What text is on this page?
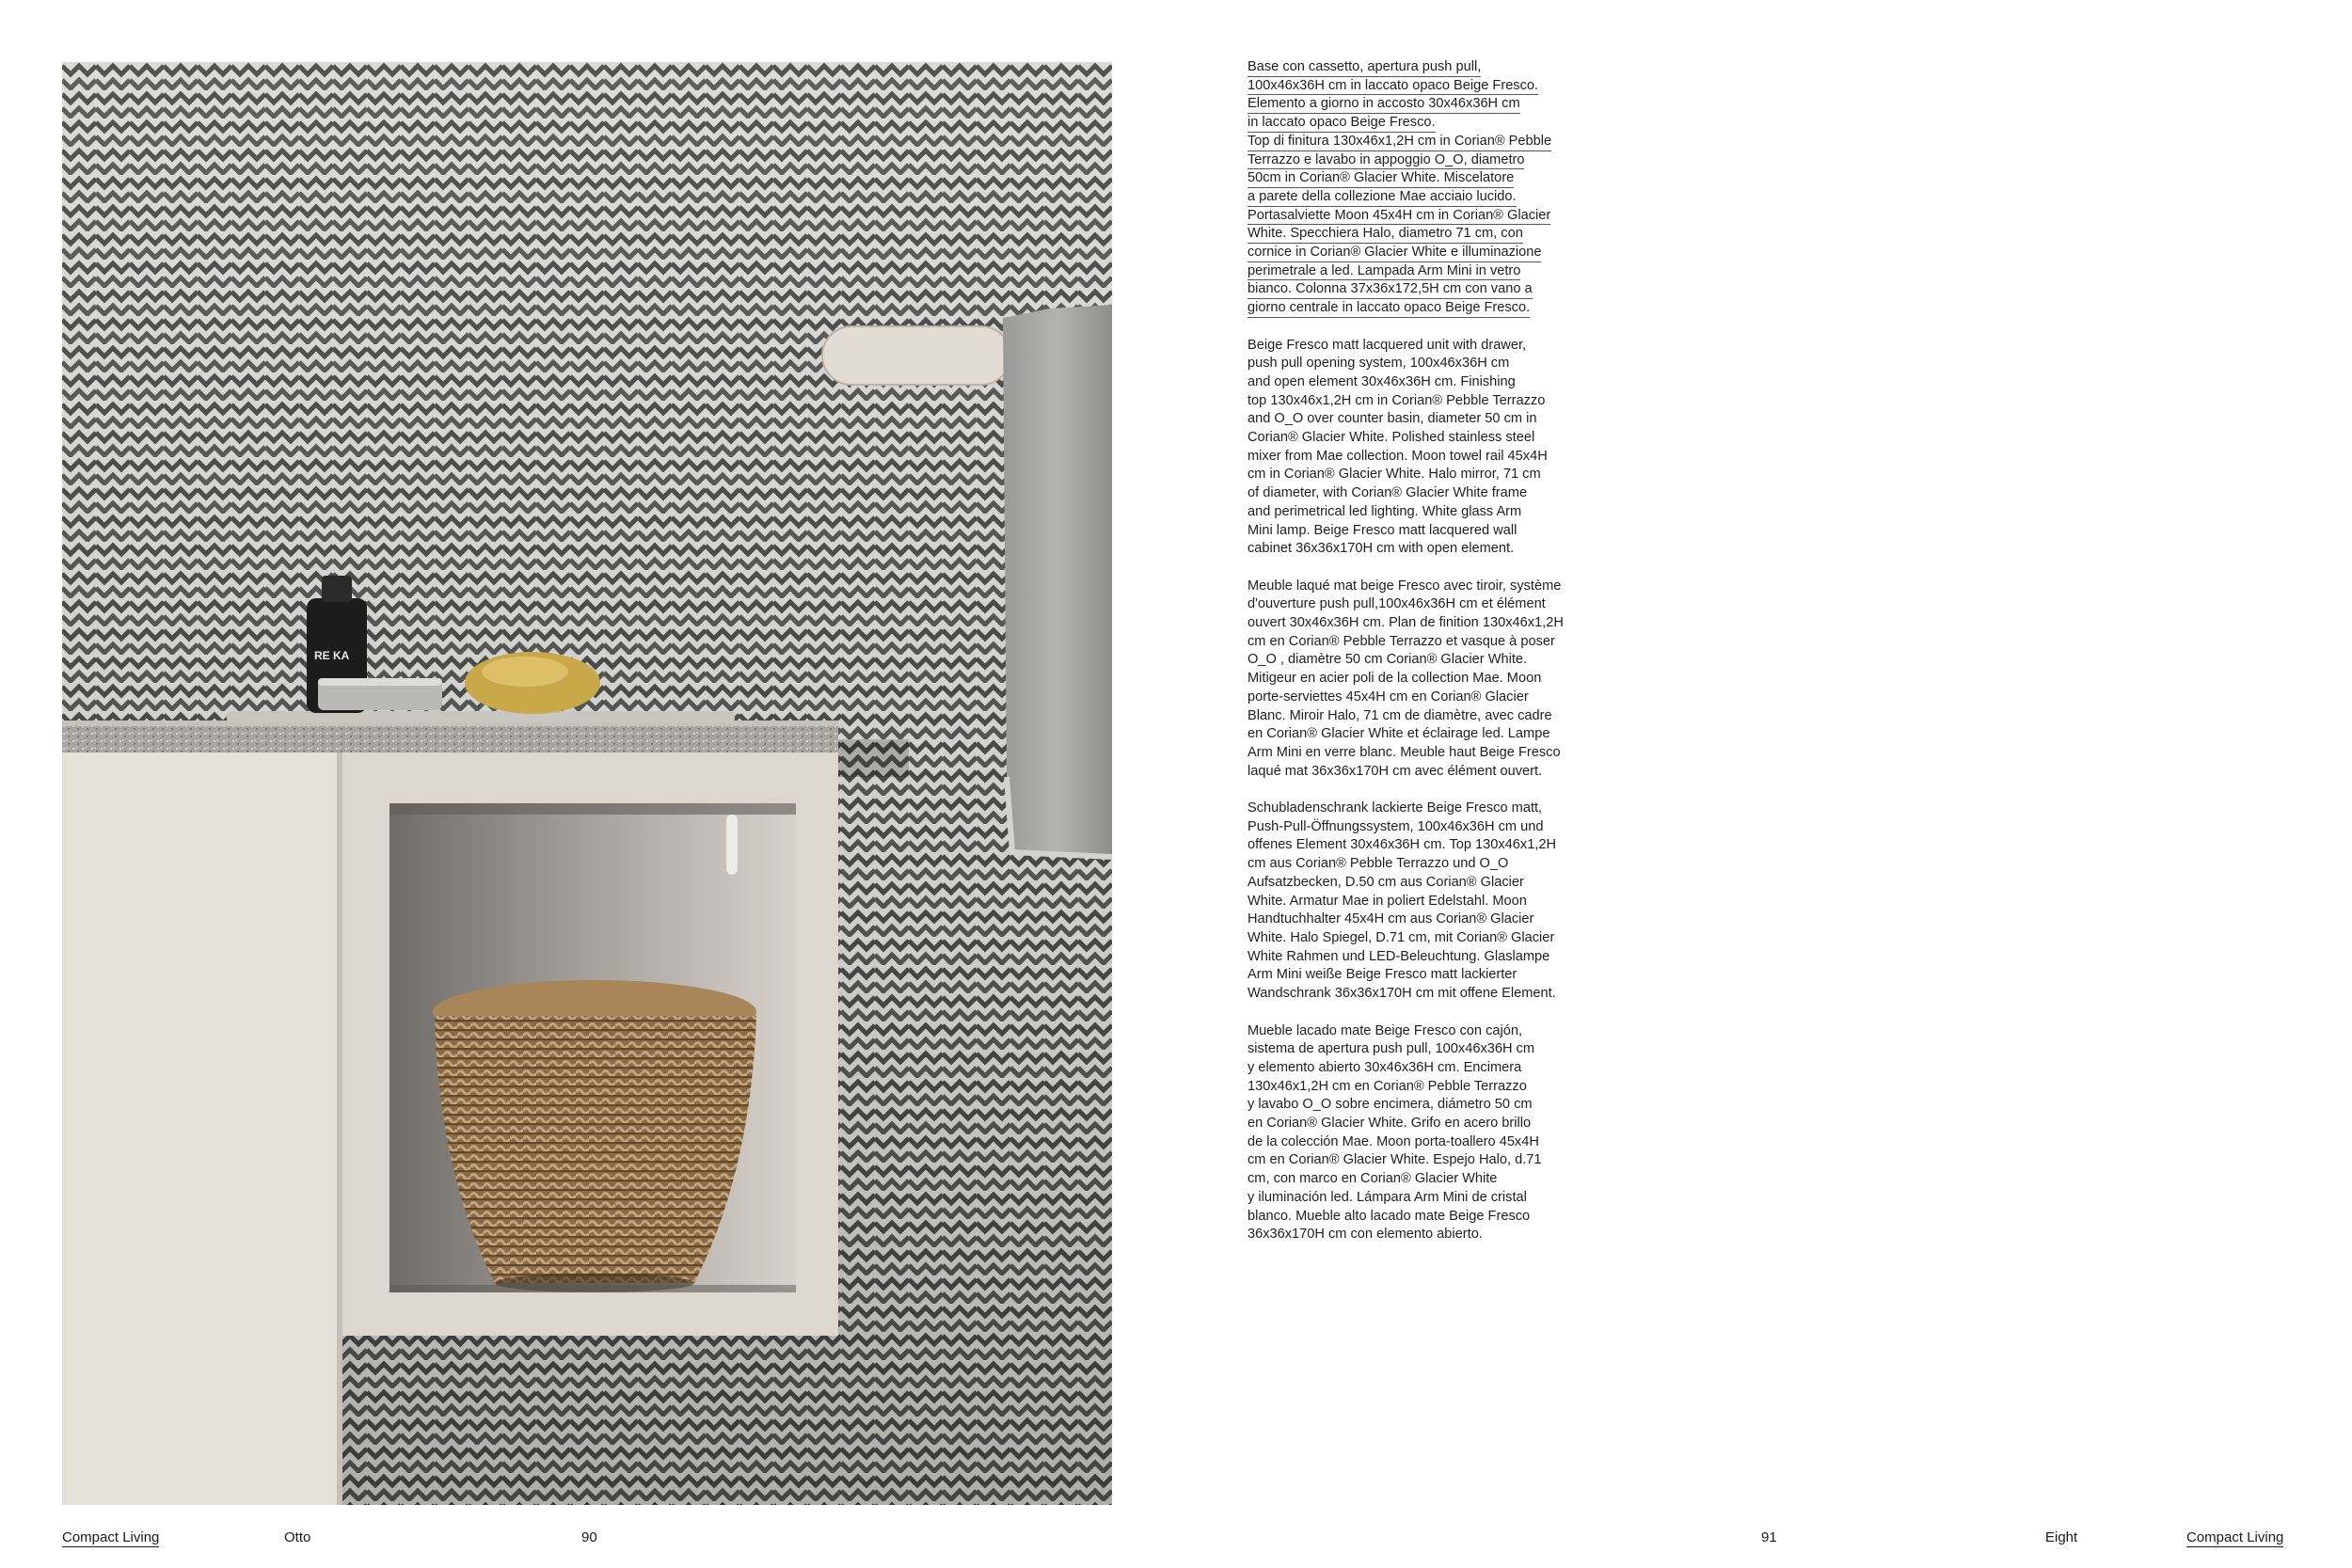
RE KA

Base con cassetto, apertura push pull,
100x46x36H cm in laccato opaco Beige Fresco.
Elemento a giorno in accosto 30x46x36H cm
in laccato opaco Beige Fresco.
Top di finitura 130x46x1,2H cm in Corian® Pebble
Terrazzo e lavabo in appoggio O_O, diametro
50cm in Corian® Glacier White. Miscelatore
a parete della collezione Mae acciaio lucido.
Portasalviette Moon 45x4H cm in Corian® Glacier
White. Specchiera Halo, diametro 71 cm, con
cornice in Corian® Glacier White e illuminazione
perimetrale a led. Lampada Arm Mini in vetro
bianco. Colonna 37x36x172,5H cm con vano a
giorno centrale in laccato opaco Beige Fresco.

Beige Fresco matt lacquered unit with drawer,
push pull opening system, 100x46x36H cm
and open element 30x46x36H cm. Finishing
top 130x46x1,2H cm in Corian® Pebble Terrazzo
and O_O over counter basin, diameter 50 cm in
Corian® Glacier White. Polished stainless steel
mixer from Mae collection. Moon towel rail 45x4H
cm in Corian® Glacier White. Halo mirror, 71 cm
of diameter, with Corian® Glacier White frame
and perimetrical led lighting. White glass Arm
Mini lamp. Beige Fresco matt lacquered wall
cabinet 36x36x170H cm with open element.

Meuble laqué mat beige Fresco avec tiroir, système
d'ouverture push pull,100x46x36H cm et élément
ouvert 30x46x36H cm. Plan de finition 130x46x1,2H
cm en Corian® Pebble Terrazzo et vasque à poser
O_O , diamètre 50 cm Corian® Glacier White.
Mitigeur en acier poli de la collection Mae. Moon
porte-serviettes 45x4H cm en Corian® Glacier
Blanc. Miroir Halo, 71 cm de diamètre, avec cadre
en Corian® Glacier White et éclairage led. Lampe
Arm Mini en verre blanc. Meuble haut Beige Fresco
laqué mat 36x36x170H cm avec élément ouvert.

Schubladenschrank lackierte Beige Fresco matt,
Push-Pull-Öffnungssystem, 100x46x36H cm und
offenes Element 30x46x36H cm. Top 130x46x1,2H
cm aus Corian® Pebble Terrazzo und O_O
Aufsatzbecken, D.50 cm aus Corian® Glacier
White. Armatur Mae in poliert Edelstahl. Moon
Handtuchhalter 45x4H cm aus Corian® Glacier
White. Halo Spiegel, D.71 cm, mit Corian® Glacier
White Rahmen und LED-Beleuchtung. Glaslampe
Arm Mini weiße Beige Fresco matt lackierter
Wandschrank 36x36x170H cm mit offene Element.

Mueble lacado mate Beige Fresco con cajón,
sistema de apertura push pull, 100x46x36H cm
y elemento abierto 30x46x36H cm. Encimera
130x46x1,2H cm en Corian® Pebble Terrazzo
y lavabo O_O sobre encimera, diámetro 50 cm
en Corian® Glacier White. Grifo en acero brillo
de la colección Mae. Moon porta-toallero 45x4H
cm en Corian® Glacier White. Espejo Halo, d.71
cm, con marco en Corian® Glacier White
y iluminación led. Lámpara Arm Mini de cristal
blanco. Mueble alto lacado mate Beige Fresco
36x36x170H cm con elemento abierto.

Compact Living	Otto	90	91	Eight	Compact Living
